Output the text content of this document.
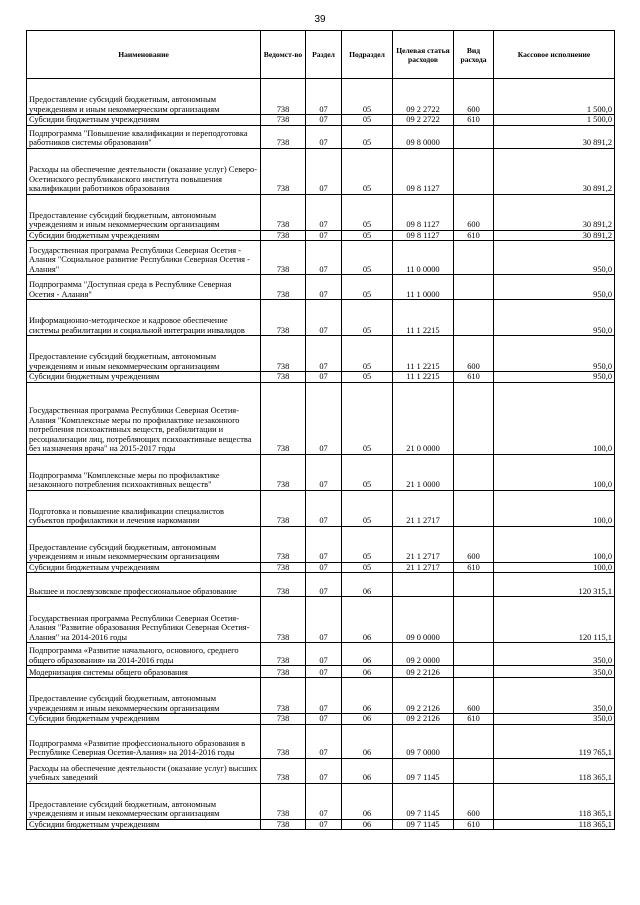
39
Наименование	Ведомст-во	Раздел	Подраздел	Целевая статья расходов	Вид расхода	Кассовое исполнение
Предоставление субсидий бюджетным, автономным учреждениям и иным некоммерческим организациям	738	07	05	09 2 2722	600	1 500,0
Субсидии бюджетным учреждениям	738	07	05	09 2 2722	610	1 500,0
Подпрограмма "Повышение квалификации и переподготовка работников системы образования"	738	07	05	09 8 0000		30 891,2
Расходы на обеспечение деятельности (оказание услуг) Северо-Осетинского республиканского института повышения квалификации работников образования	738	07	05	09 8 1127		30 891,2
Предоставление субсидий бюджетным, автономным учреждениям и иным некоммерческим организациям	738	07	05	09 8 1127	600	30 891,2
Субсидии бюджетным учреждениям	738	07	05	09 8 1127	610	30 891,2
Государственная программа Республики Северная Осетия - Алания "Социальное развитие Республики Северная Осетия - Алания"	738	07	05	11 0 0000		950,0
Подпрограмма "Доступная среда в Республике Северная Осетия - Алания"	738	07	05	11 1 0000		950,0
Информационно-методическое и кадровое обеспечение системы реабилитации и социальной интеграции инвалидов	738	07	05	11 1 2215		950,0
Предоставление субсидий бюджетным, автономным учреждениям и иным некоммерческим организациям	738	07	05	11 1 2215	600	950,0
Субсидии бюджетным учреждениям	738	07	05	11 1 2215	610	950,0
Государственная программа Республики Северная Осетия-Алания "Комплексные меры по профилактике незаконного потребления психоактивных веществ, реабилитации и ресоциализации лиц, потребляющих психоактивные вещества без назначения врача" на 2015-2017 годы	738	07	05	21 0 0000		100,0
Подпрограмма "Комплексные меры по профилактике незаконного потребления психоактивных веществ"	738	07	05	21 1 0000		100,0
Подготовка и повышение квалификации специалистов субъектов профилактики и лечения наркомании	738	07	05	21 1 2717		100,0
Предоставление субсидий бюджетным, автономным учреждениям и иным некоммерческим организациям	738	07	05	21 1 2717	600	100,0
Субсидии бюджетным учреждениям	738	07	05	21 1 2717	610	100,0
Высшее и послевузовское профессиональное образование	738	07	06			120 315,1
Государственная программа Республики Северная Осетия-Алания "Развитие образования Республики Северная Осетия-Алания" на 2014-2016 годы	738	07	06	09 0 0000		120 115,1
Подпрограмма «Развитие начального, основного, среднего общего образования» на 2014-2016 годы	738	07	06	09 2 0000		350,0
Модернизация системы общего образования	738	07	06	09 2 2126		350,0
Предоставление субсидий бюджетным, автономным учреждениям и иным некоммерческим организациям	738	07	06	09 2 2126	600	350,0
Субсидии бюджетным учреждениям	738	07	06	09 2 2126	610	350,0
Подпрограмма «Развитие профессионального образования в Республике Северная Осетия-Алания» на 2014-2016 годы	738	07	06	09 7 0000		119 765,1
Расходы на обеспечение деятельности (оказание услуг) высших учебных заведений	738	07	06	09 7 1145		118 365,1
Предоставление субсидий бюджетным, автономным учреждениям и иным некоммерческим организациям	738	07	06	09 7 1145	600	118 365,1
Субсидии бюджетным учреждениям	738	07	06	09 7 1145	610	118 365,1
